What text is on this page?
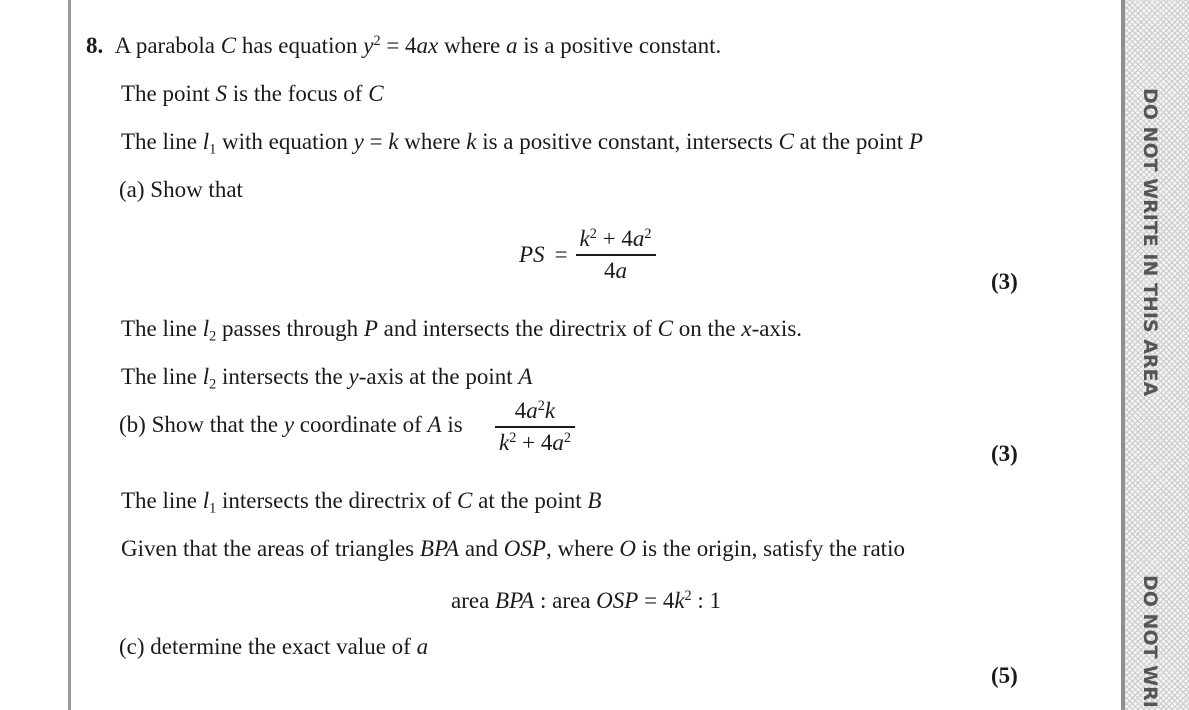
8. A parabola C has equation $y^2 = 4ax$ where a is a positive constant.
The point S is the focus of C
The line $l_1$ with equation y = k where k is a positive constant, intersects C at the point P
(a) Show that
PS = $\frac{k^2 + 4a^2}{4a}$	(3)
The line $l_2$ passes through P and intersects the directrix of C on the x-axis.
The line $l_2$ intersects the y-axis at the point A
(b) Show that the y coordinate of A is $\frac{4a^2k}{k^2 + 4a^2}$	(3)
The line $l_1$ intersects the directrix of C at the point B
Given that the areas of triangles BPA and OSP, where O is the origin, satisfy the ratio
area BPA : area OSP = $4k^2$ : 1
(c) determine the exact value of a
(5)
DO NOT WRITE IN THIS AREA
DO NOT WRI
